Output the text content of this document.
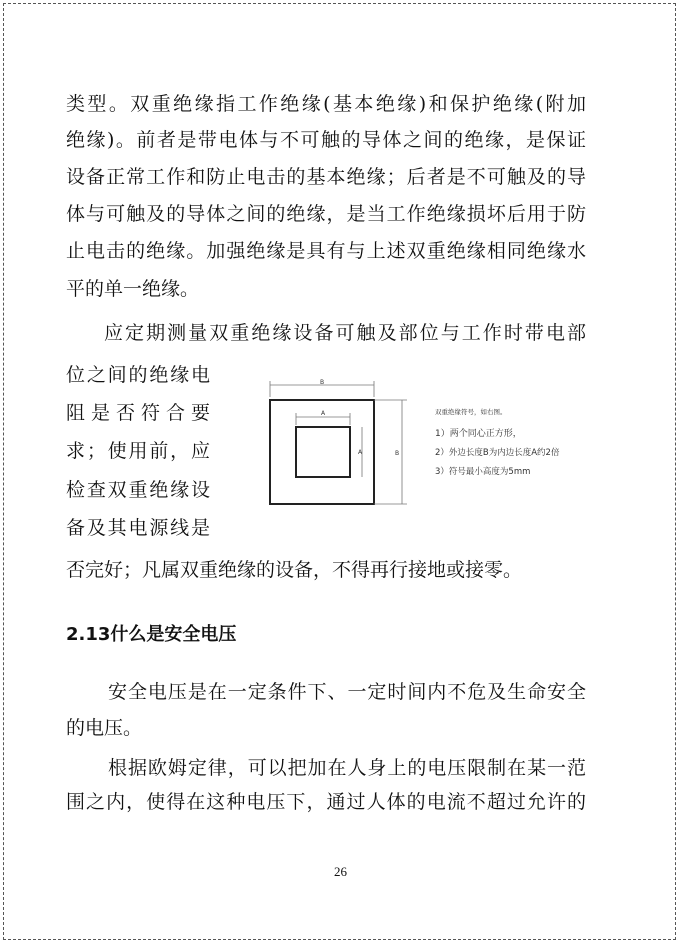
类型。双重绝缘指工作绝缘(基本绝缘)和保护绝缘(附加
绝缘)。前者是带电体与不可触的导体之间的绝缘，是保证
设备正常工作和防止电击的基本绝缘；后者是不可触及的导
体与可触及的导体之间的绝缘，是当工作绝缘损坏后用于防
止电击的绝缘。加强绝缘是具有与上述双重绝缘相同绝缘水
平的单一绝缘。
应定期测量双重绝缘设备可触及部位与工作时带电部
位之间的绝缘电
阻是否符合要
求；使用前，应
检查双重绝缘设
备及其电源线是
否完好；凡属双重绝缘的设备，不得再行接地或接零。
B
A
A	B
双重绝缘符号，如右图。
1）两个同心正方形，
2）外边长度B为内边长度A约2倍
3）符号最小高度为5mm
2.13什么是安全电压
安全电压是在一定条件下、一定时间内不危及生命安全
的电压。
根据欧姆定律，可以把加在人身上的电压限制在某一范
围之内，使得在这种电压下，通过人体的电流不超过允许的
26
